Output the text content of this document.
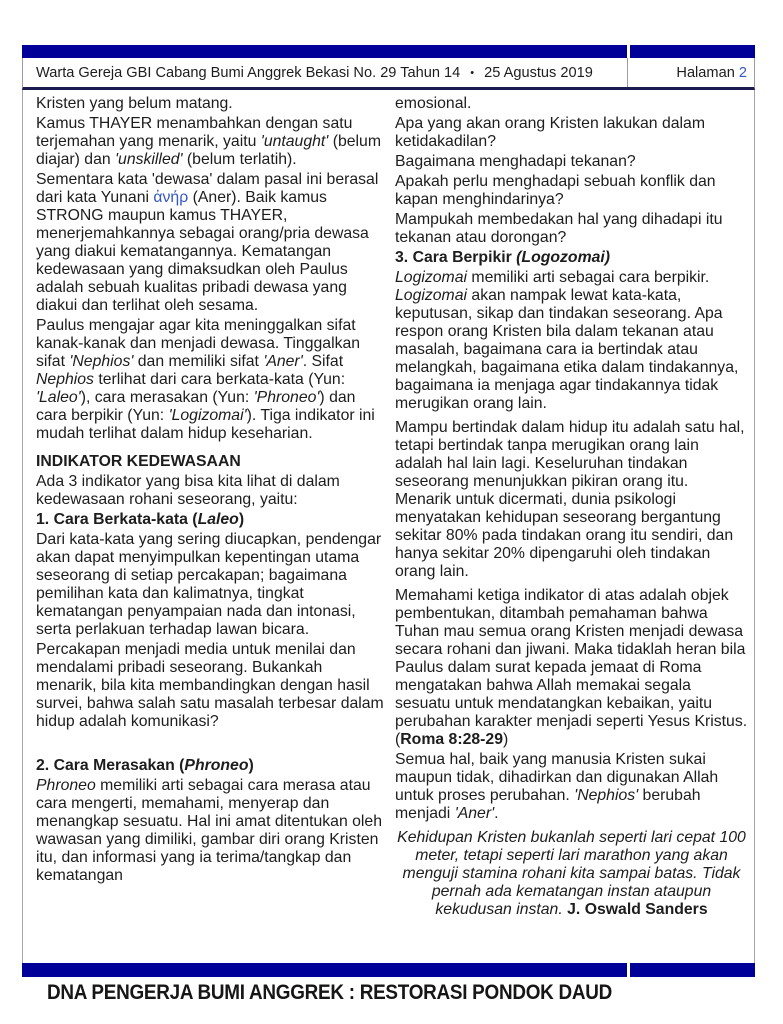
Warta Gereja GBI Cabang Bumi Anggrek Bekasi No. 29 Tahun 14 • 25 Agustus 2019	Halaman 2
Kristen yang belum matang.
Kamus THAYER menambahkan dengan satu terjemahan yang menarik, yaitu 'untaught' (belum diajar) dan 'unskilled' (belum terlatih).
Sementara kata 'dewasa' dalam pasal ini berasal dari kata Yunani ἀνήρ (Aner). Baik kamus STRONG maupun kamus THAYER, menerjemahkannya sebagai orang/pria dewasa yang diakui kematangannya. Kematangan kedewasaan yang dimaksudkan oleh Paulus adalah sebuah kualitas pribadi dewasa yang diakui dan terlihat oleh sesama.
Paulus mengajar agar kita meninggalkan sifat kanak-kanak dan menjadi dewasa. Tinggalkan sifat 'Nephios' dan memiliki sifat 'Aner'. Sifat Nephios terlihat dari cara berkata-kata (Yun: 'Laleo'), cara merasakan (Yun: 'Phroneo') dan cara berpikir (Yun: 'Logizomai'). Tiga indikator ini mudah terlihat dalam hidup keseharian.
INDIKATOR KEDEWASAAN
Ada 3 indikator yang bisa kita lihat di dalam kedewasaan rohani seseorang, yaitu:
1. Cara Berkata-kata (Laleo)
Dari kata-kata yang sering diucapkan, pendengar akan dapat menyimpulkan kepentingan utama seseorang di setiap percakapan; bagaimana pemilihan kata dan kalimatnya, tingkat kematangan penyampaian nada dan intonasi, serta perlakuan terhadap lawan bicara.
Percakapan menjadi media untuk menilai dan mendalami pribadi seseorang. Bukankah menarik, bila kita membandingkan dengan hasil survei, bahwa salah satu masalah terbesar dalam hidup adalah komunikasi?
2. Cara Merasakan (Phroneo)
Phroneo memiliki arti sebagai cara merasa atau cara mengerti, memahami, menyerap dan menangkap sesuatu. Hal ini amat ditentukan oleh wawasan yang dimiliki, gambar diri orang Kristen itu, dan informasi yang ia terima/tangkap dan kematangan
emosional.
Apa yang akan orang Kristen lakukan dalam ketidakadilan?
Bagaimana menghadapi tekanan?
Apakah perlu menghadapi sebuah konflik dan kapan menghindarinya?
Mampukah membedakan hal yang dihadapi itu tekanan atau dorongan?
3. Cara Berpikir (Logozomai)
Logizomai memiliki arti sebagai cara berpikir. Logizomai akan nampak lewat kata-kata, keputusan, sikap dan tindakan seseorang. Apa respon orang Kristen bila dalam tekanan atau masalah, bagaimana cara ia bertindak atau melangkah, bagaimana etika dalam tindakannya, bagaimana ia menjaga agar tindakannya tidak merugikan orang lain.
Mampu bertindak dalam hidup itu adalah satu hal, tetapi bertindak tanpa merugikan orang lain adalah hal lain lagi. Keseluruhan tindakan seseorang menunjukkan pikiran orang itu. Menarik untuk dicermati, dunia psikologi menyatakan kehidupan seseorang bergantung sekitar 80% pada tindakan orang itu sendiri, dan hanya sekitar 20% dipengaruhi oleh tindakan orang lain.
Memahami ketiga indikator di atas adalah objek pembentukan, ditambah pemahaman bahwa Tuhan mau semua orang Kristen menjadi dewasa secara rohani dan jiwani. Maka tidaklah heran bila Paulus dalam surat kepada jemaat di Roma mengatakan bahwa Allah memakai segala sesuatu untuk mendatangkan kebaikan, yaitu perubahan karakter menjadi seperti Yesus Kristus. (Roma 8:28-29)
Semua hal, baik yang manusia Kristen sukai maupun tidak, dihadirkan dan digunakan Allah untuk proses perubahan. 'Nephios' berubah menjadi 'Aner'.
Kehidupan Kristen bukanlah seperti lari cepat 100 meter, tetapi seperti lari marathon yang akan menguji stamina rohani kita sampai batas. Tidak pernah ada kematangan instan ataupun kekudusan instan. J. Oswald Sanders
DNA PENGERJA BUMI ANGGREK : RESTORASI PONDOK DAUD
